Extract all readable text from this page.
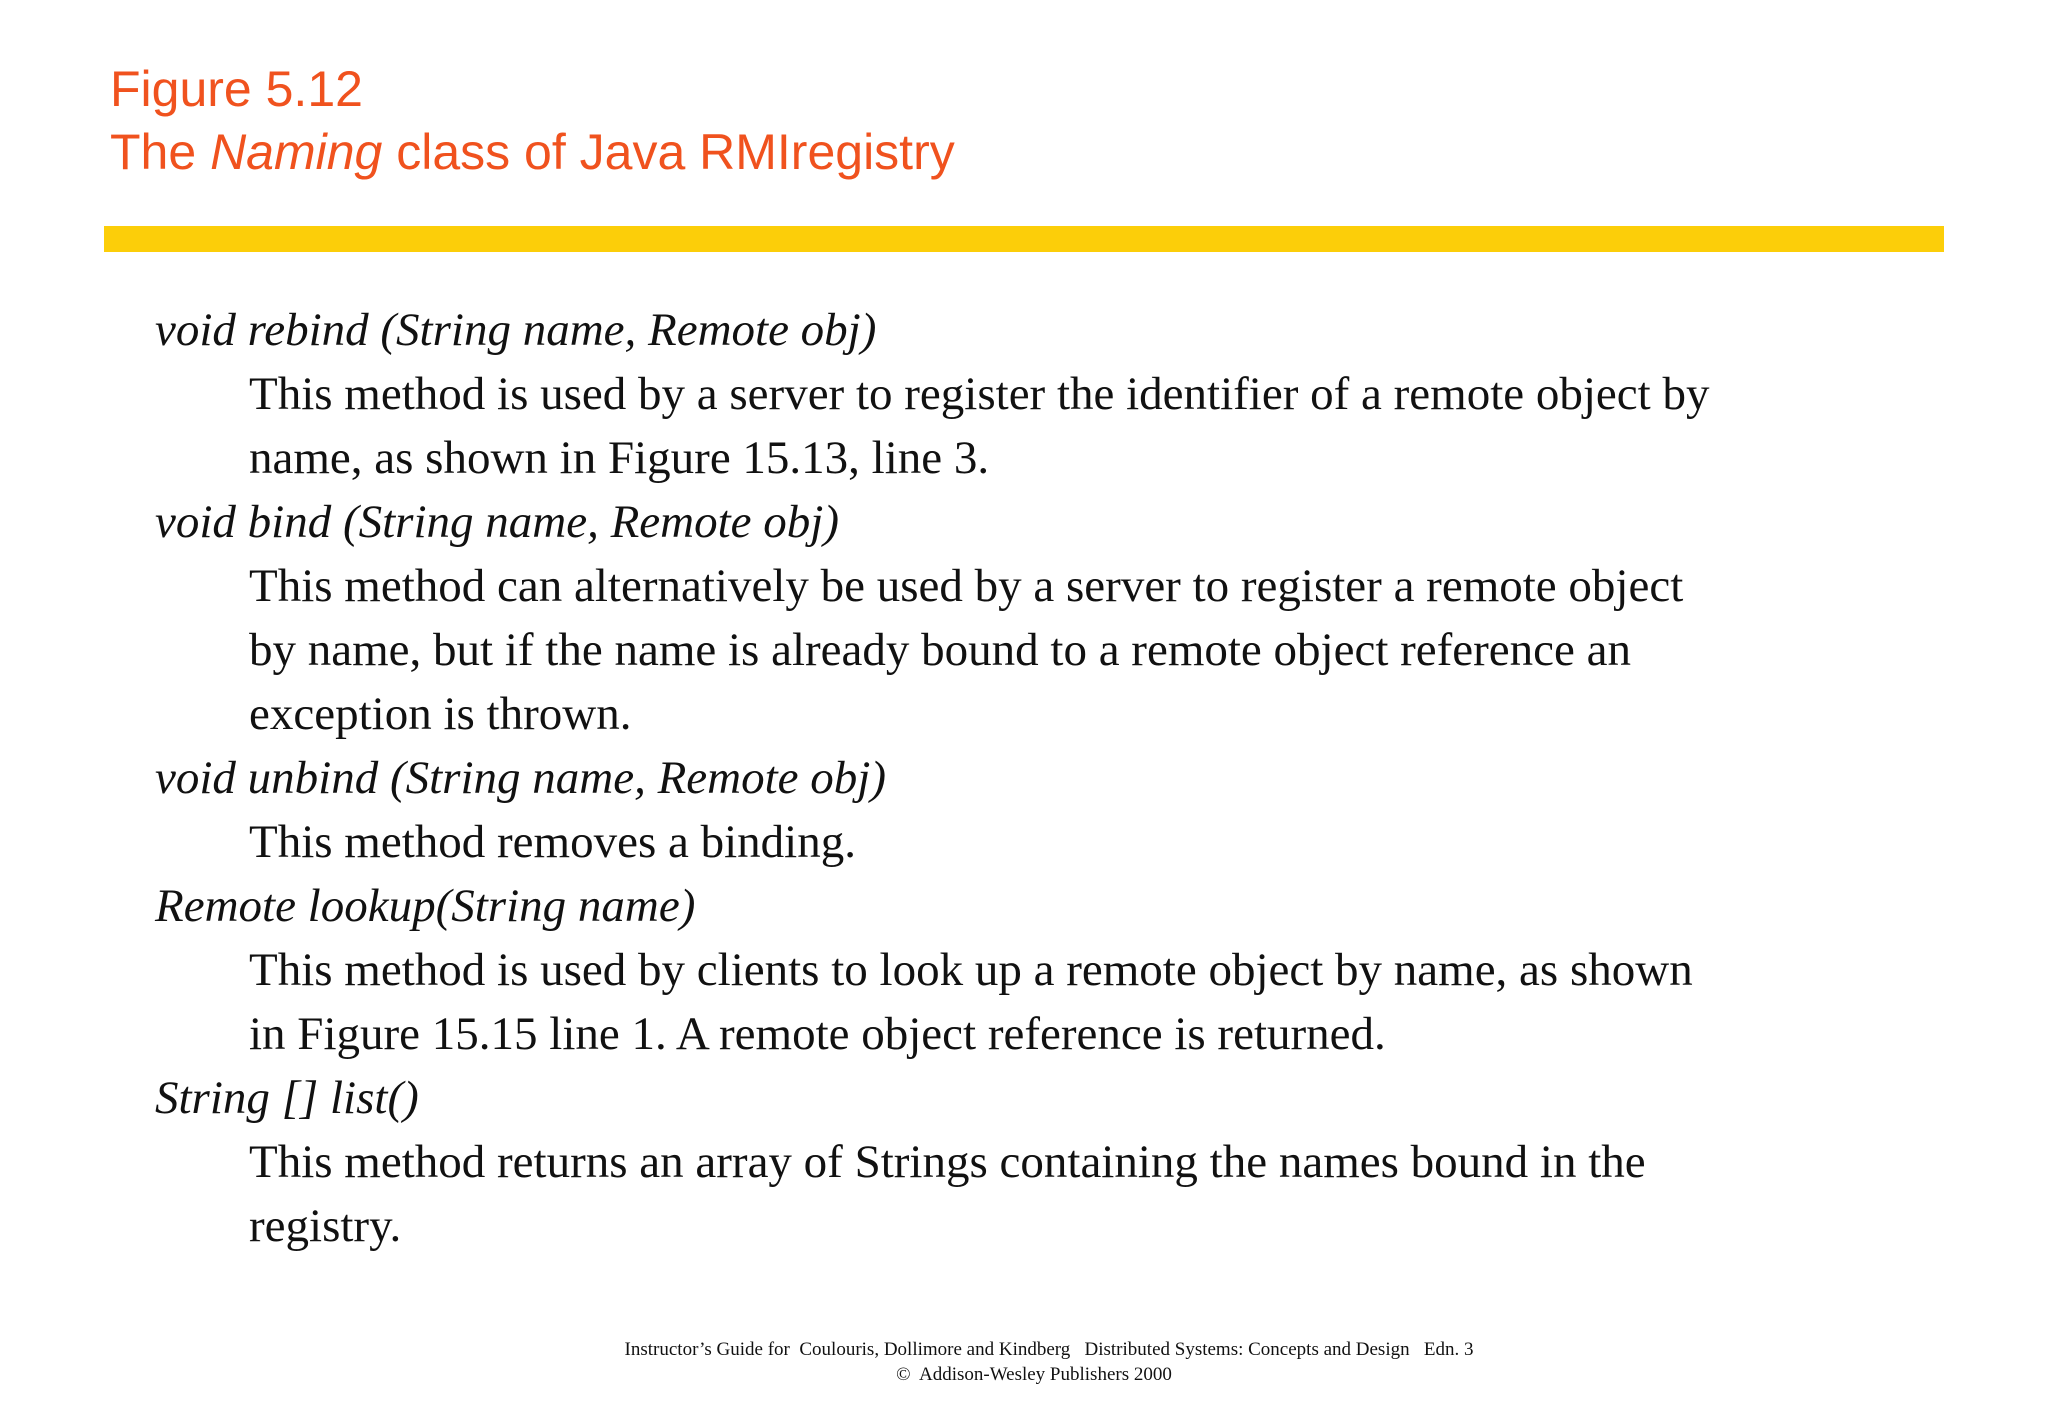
Figure 5.12
The Naming class of Java RMIregistry
void rebind (String name, Remote obj)
This method is used by a server to register the identifier of a remote object by
name, as shown in Figure 15.13, line 3.
void bind (String name, Remote obj)
This method can alternatively be used by a server to register a remote object
by name, but if the name is already bound to a remote object reference an
exception is thrown.
void unbind (String name, Remote obj)
This method removes a binding.
Remote lookup(String name)
This method is used by clients to look up a remote object by name, as shown
in Figure 15.15 line 1. A remote object reference is returned.
String [] list()
This method returns an array of Strings containing the names bound in the
registry.
Instructor’s Guide for  Coulouris, Dollimore and Kindberg   Distributed Systems: Concepts and Design   Edn. 3
©  Addison-Wesley Publishers 2000
